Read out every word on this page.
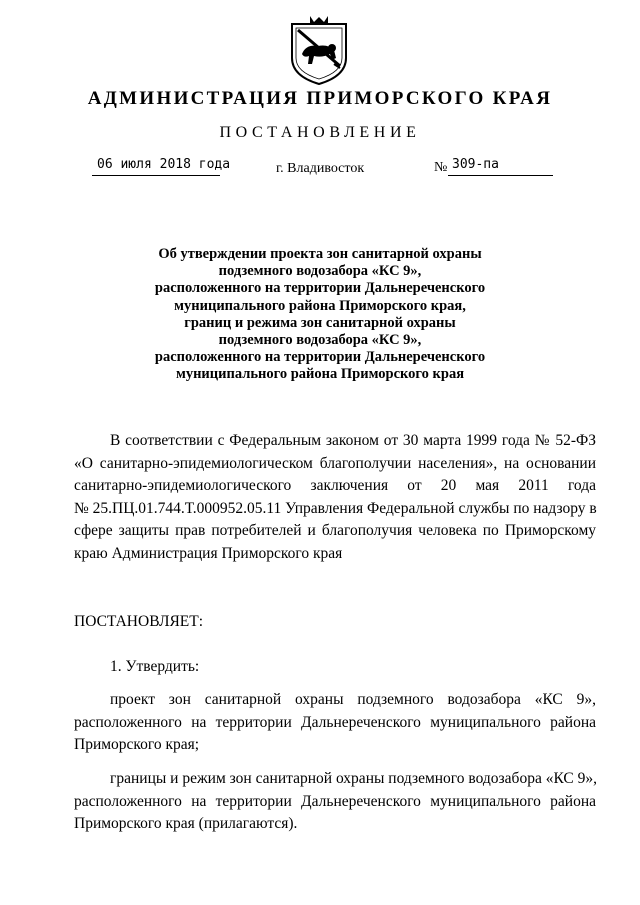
АДМИНИСТРАЦИЯ ПРИМОРСКОГО КРАЯ
ПОСТАНОВЛЕНИЕ
06 июля 2018 года	г. Владивосток	№ 309-па
Об утверждении проекта зон санитарной охраны
подземного водозабора «КС 9»,
расположенного на территории Дальнереченского
муниципального района Приморского края,
границ и режима зон санитарной охраны
подземного водозабора «КС 9»,
расположенного на территории Дальнереченского
муниципального района Приморского края
В соответствии с Федеральным законом от 30 марта 1999 года № 52-ФЗ
«О санитарно-эпидемиологическом благополучии населения», на основании
санитарно-эпидемиологического заключения от 20 мая 2011 года
№ 25.ПЦ.01.744.Т.000952.05.11 Управления Федеральной службы по надзору в
сфере защиты прав потребителей и благополучия человека по Приморскому
краю Администрация Приморского края
ПОСТАНОВЛЯЕТ:
1. Утвердить:
проект зон санитарной охраны подземного водозабора «КС 9»,
расположенного на территории Дальнереченского муниципального района
Приморского края;
границы и режим зон санитарной охраны подземного водозабора «КС 9»,
расположенного на территории Дальнереченского муниципального района
Приморского края (прилагаются).
